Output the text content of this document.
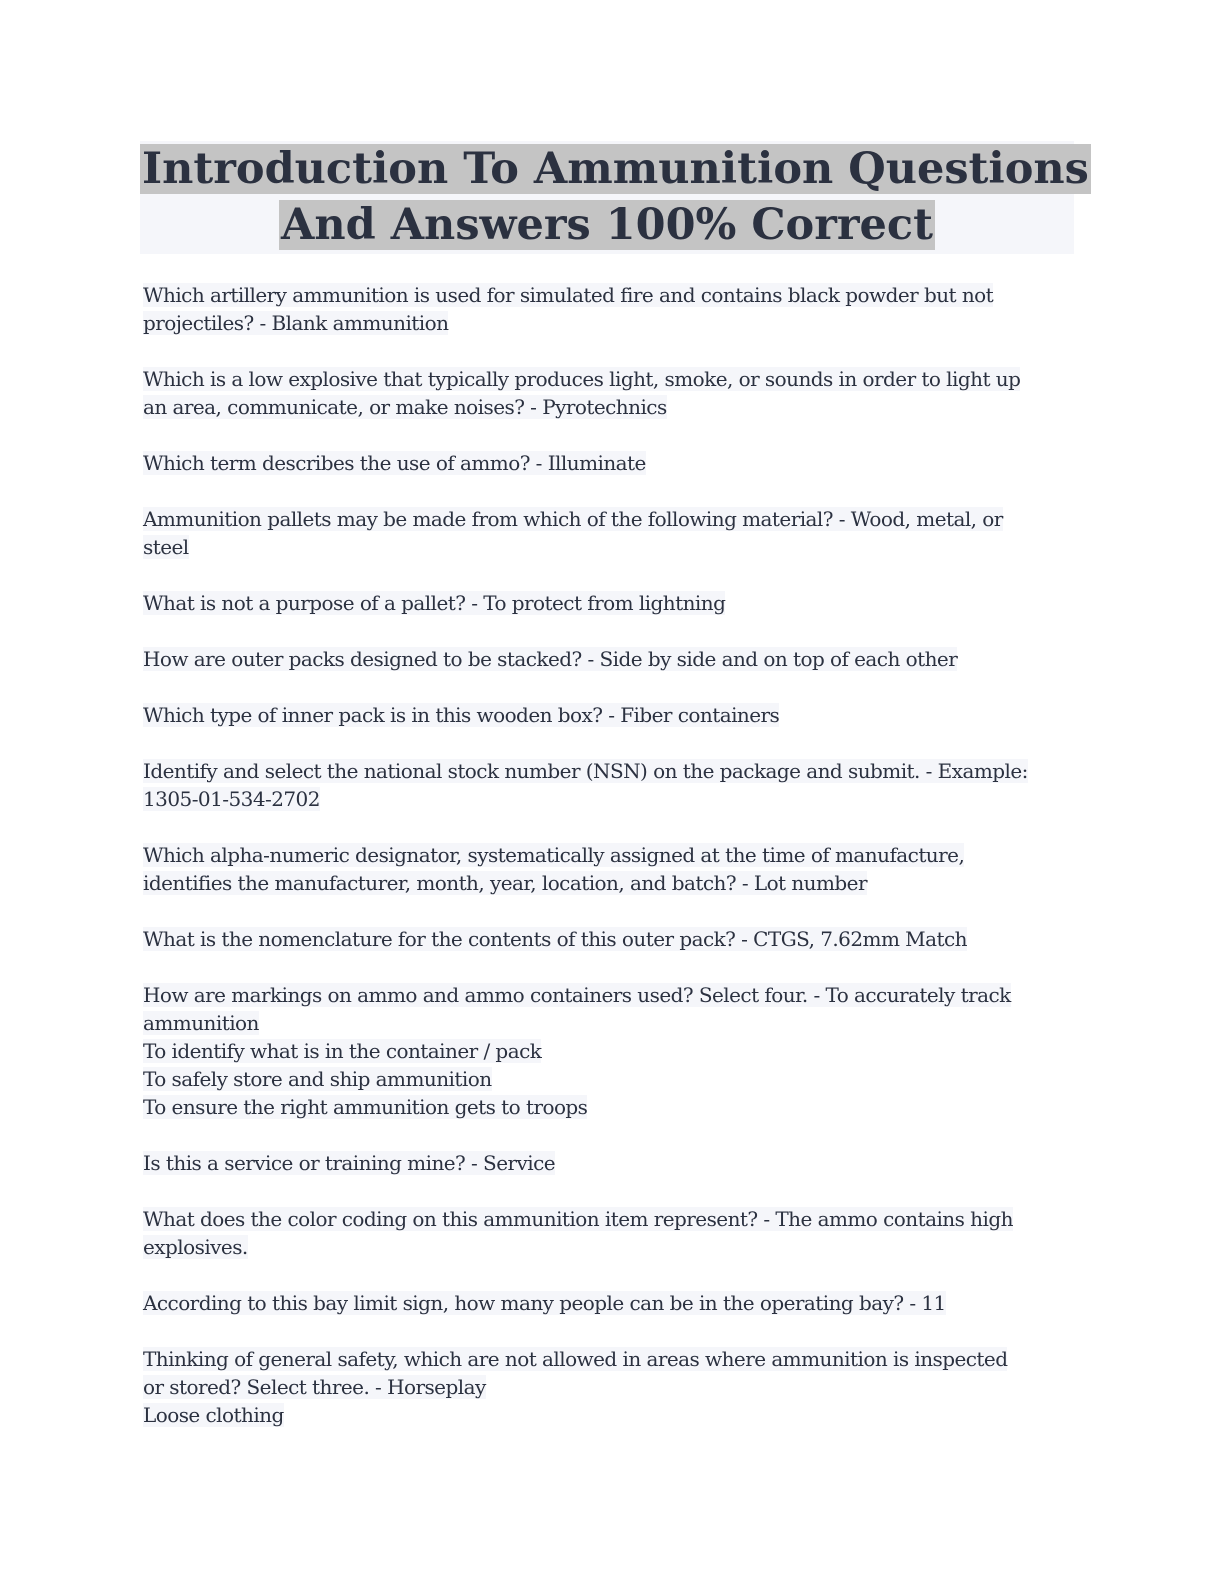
Introduction To Ammunition Questions
And Answers 100% Correct
Which artillery ammunition is used for simulated fire and contains black powder but not
projectiles? - Blank ammunition
Which is a low explosive that typically produces light, smoke, or sounds in order to light up
an area, communicate, or make noises? - Pyrotechnics
Which term describes the use of ammo? - Illuminate
Ammunition pallets may be made from which of the following material? - Wood, metal, or
steel
What is not a purpose of a pallet? - To protect from lightning
How are outer packs designed to be stacked? - Side by side and on top of each other
Which type of inner pack is in this wooden box? - Fiber containers
Identify and select the national stock number (NSN) on the package and submit. - Example:
1305-01-534-2702
Which alpha-numeric designator, systematically assigned at the time of manufacture,
identifies the manufacturer, month, year, location, and batch? - Lot number
What is the nomenclature for the contents of this outer pack? - CTGS, 7.62mm Match
How are markings on ammo and ammo containers used? Select four. - To accurately track
ammunition
To identify what is in the container / pack
To safely store and ship ammunition
To ensure the right ammunition gets to troops
Is this a service or training mine? - Service
What does the color coding on this ammunition item represent? - The ammo contains high
explosives.
According to this bay limit sign, how many people can be in the operating bay? - 11
Thinking of general safety, which are not allowed in areas where ammunition is inspected
or stored? Select three. - Horseplay
Loose clothing
